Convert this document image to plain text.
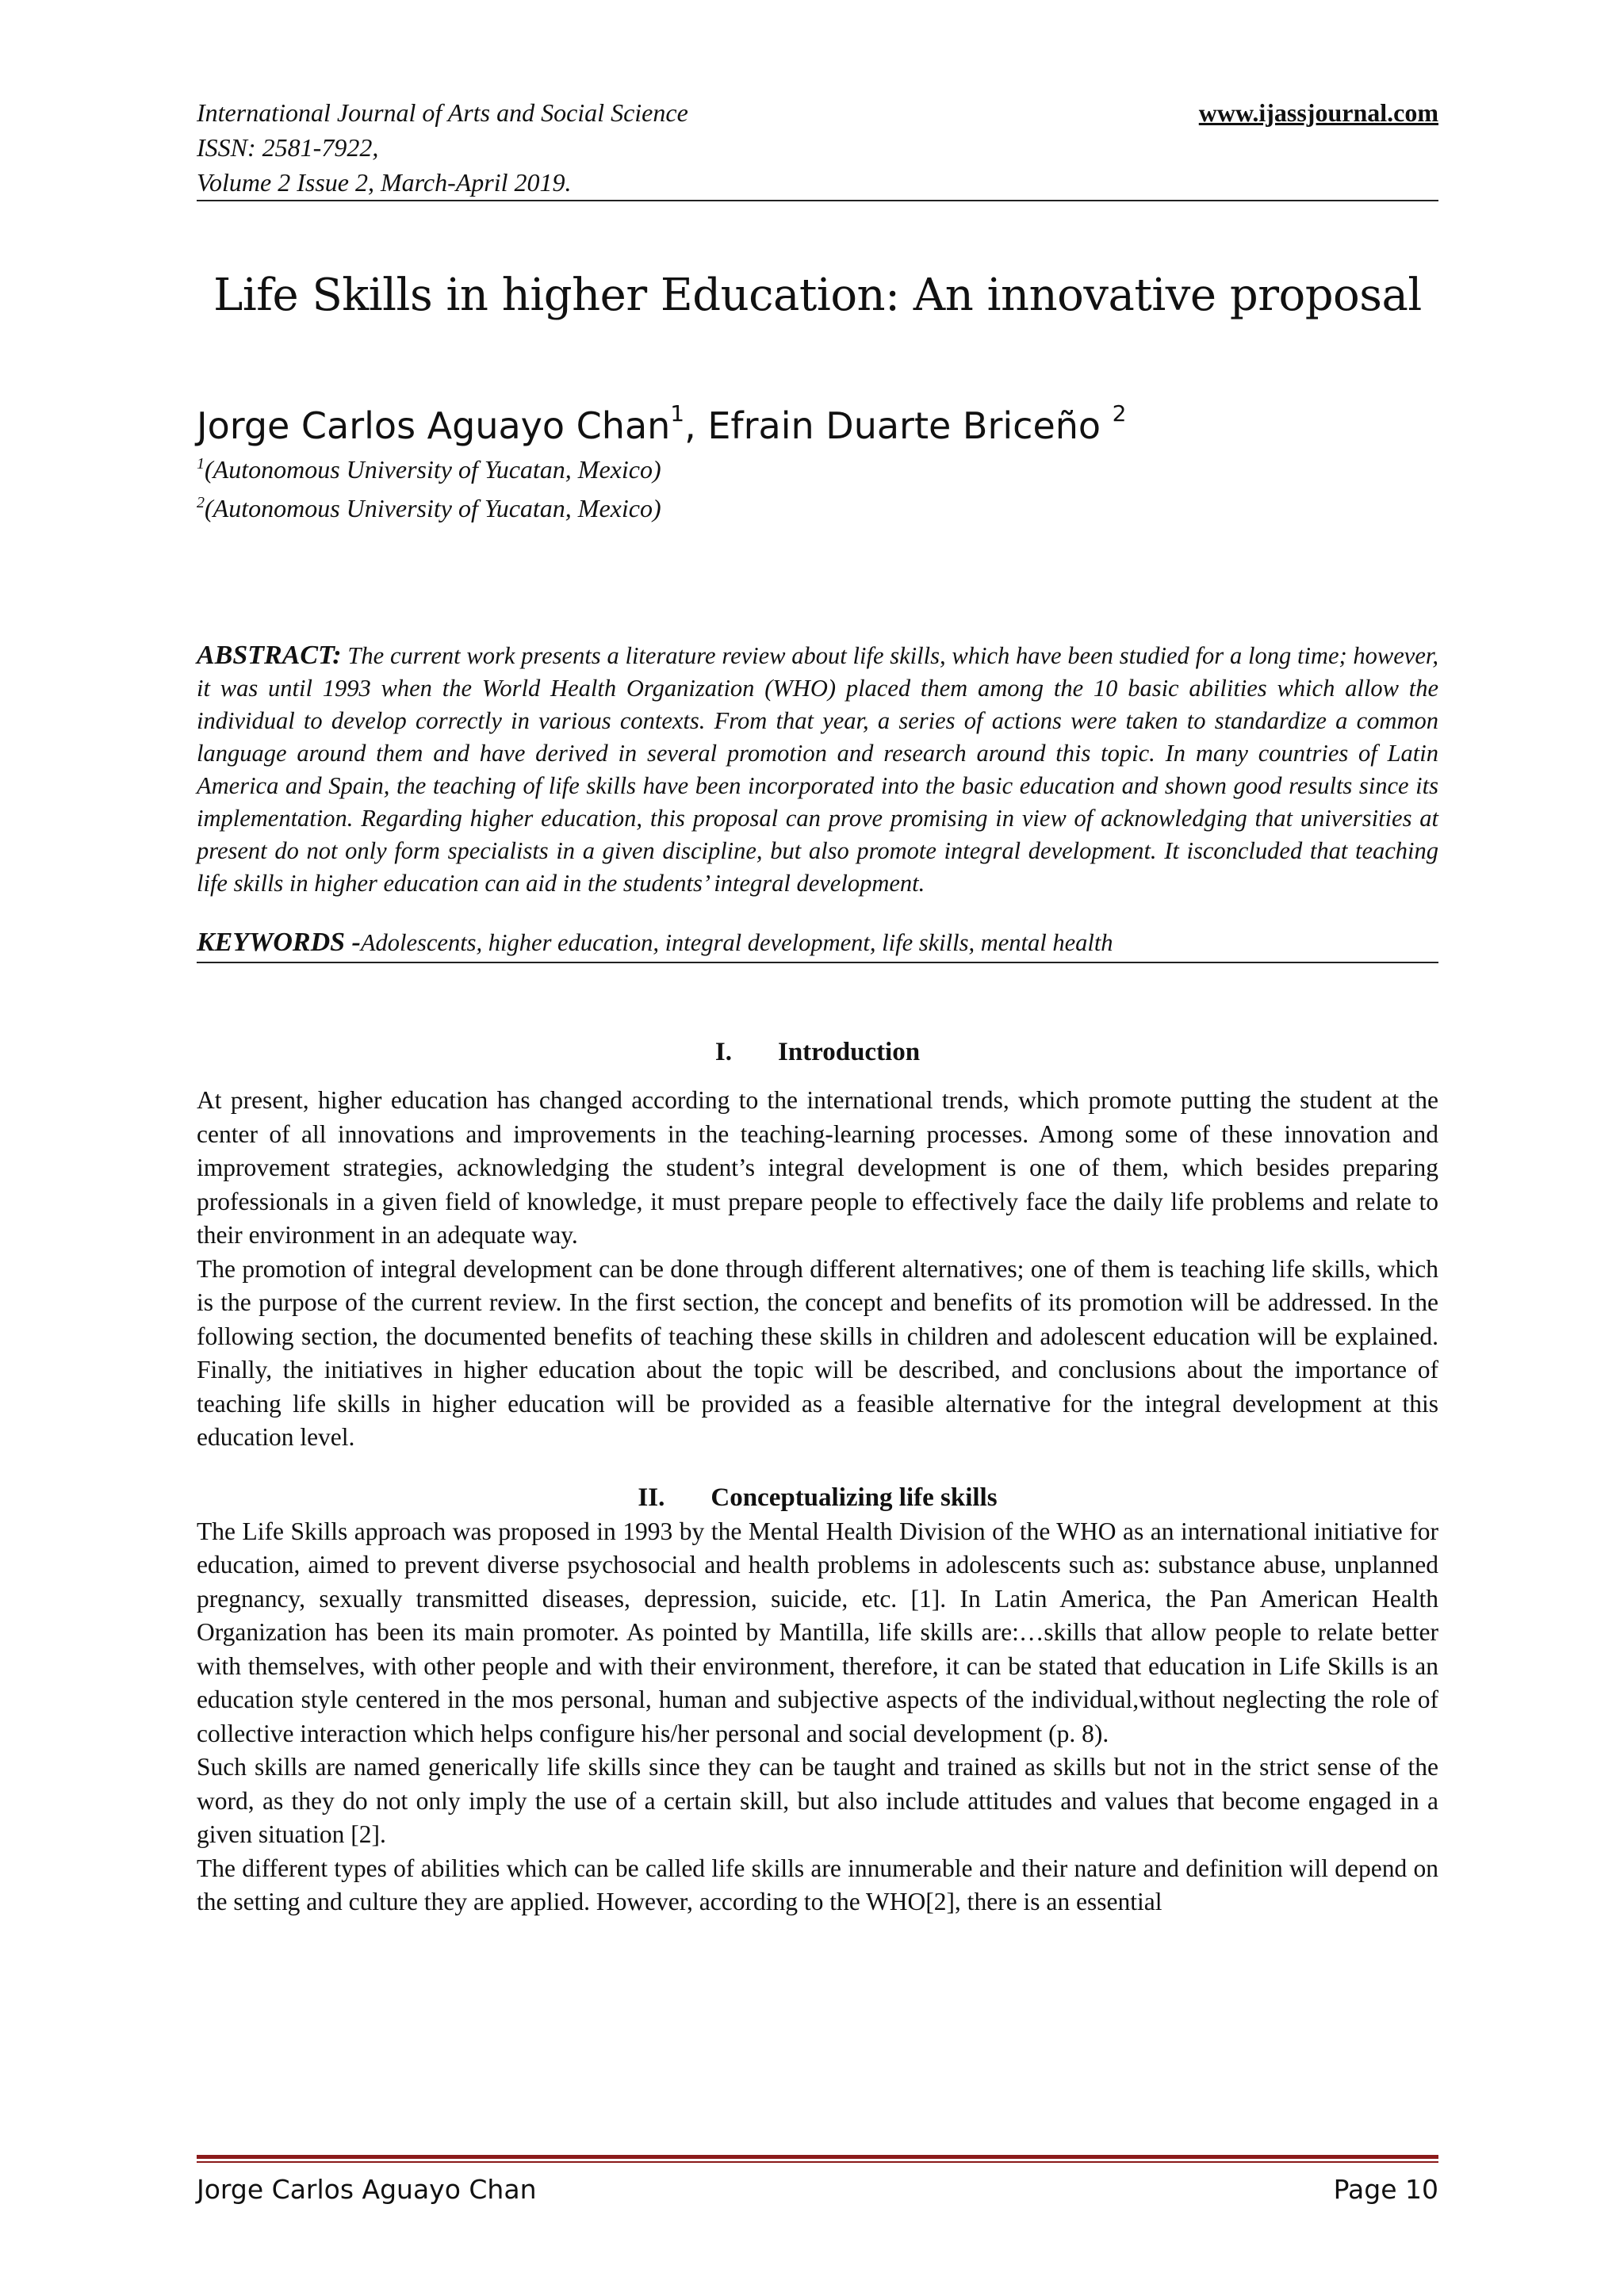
International Journal of Arts and Social Science
ISSN: 2581-7922,
Volume 2 Issue 2, March-April 2019.
www.ijassjournal.com
Life Skills in higher Education: An innovative proposal
Jorge Carlos Aguayo Chan$^1$, Efrain Duarte Briceño $^2$
$^1$(Autonomous University of Yucatan, Mexico)
$^2$(Autonomous University of Yucatan, Mexico)
ABSTRACT: The current work presents a literature review about life skills, which have been studied for a long time; however, it was until 1993 when the World Health Organization (WHO) placed them among the 10 basic abilities which allow the individual to develop correctly in various contexts. From that year, a series of actions were taken to standardize a common language around them and have derived in several promotion and research around this topic. In many countries of Latin America and Spain, the teaching of life skills have been incorporated into the basic education and shown good results since its implementation. Regarding higher education, this proposal can prove promising in view of acknowledging that universities at present do not only form specialists in a given discipline, but also promote integral development. It isconcluded that teaching life skills in higher education can aid in the students’ integral development.
KEYWORDS -Adolescents, higher education, integral development, life skills, mental health
I. Introduction

At present, higher education has changed according to the international trends, which promote putting the student at the center of all innovations and improvements in the teaching-learning processes. Among some of these innovation and improvement strategies, acknowledging the student’s integral development is one of them, which besides preparing professionals in a given field of knowledge, it must prepare people to effectively face the daily life problems and relate to their environment in an adequate way.

The promotion of integral development can be done through different alternatives; one of them is teaching life skills, which is the purpose of the current review. In the first section, the concept and benefits of its promotion will be addressed. In the following section, the documented benefits of teaching these skills in children and adolescent education will be explained. Finally, the initiatives in higher education about the topic will be described, and conclusions about the importance of teaching life skills in higher education will be provided as a feasible alternative for the integral development at this education level.

II. Conceptualizing life skills

The Life Skills approach was proposed in 1993 by the Mental Health Division of the WHO as an international initiative for education, aimed to prevent diverse psychosocial and health problems in adolescents such as: substance abuse, unplanned pregnancy, sexually transmitted diseases, depression, suicide, etc. [1]. In Latin America, the Pan American Health Organization has been its main promoter. As pointed by Mantilla, life skills are:…skills that allow people to relate better with themselves, with other people and with their environment, therefore, it can be stated that education in Life Skills is an education style centered in the mos personal, human and subjective aspects of the individual,without neglecting the role of collective interaction which helps configure his/her personal and social development (p. 8).

Such skills are named generically life skills since they can be taught and trained as skills but not in the strict sense of the word, as they do not only imply the use of a certain skill, but also include attitudes and values that become engaged in a given situation [2].

The different types of abilities which can be called life skills are innumerable and their nature and definition will depend on the setting and culture they are applied. However, according to the WHO[2], there is an essential

Jorge Carlos Aguayo Chan	Page 10
